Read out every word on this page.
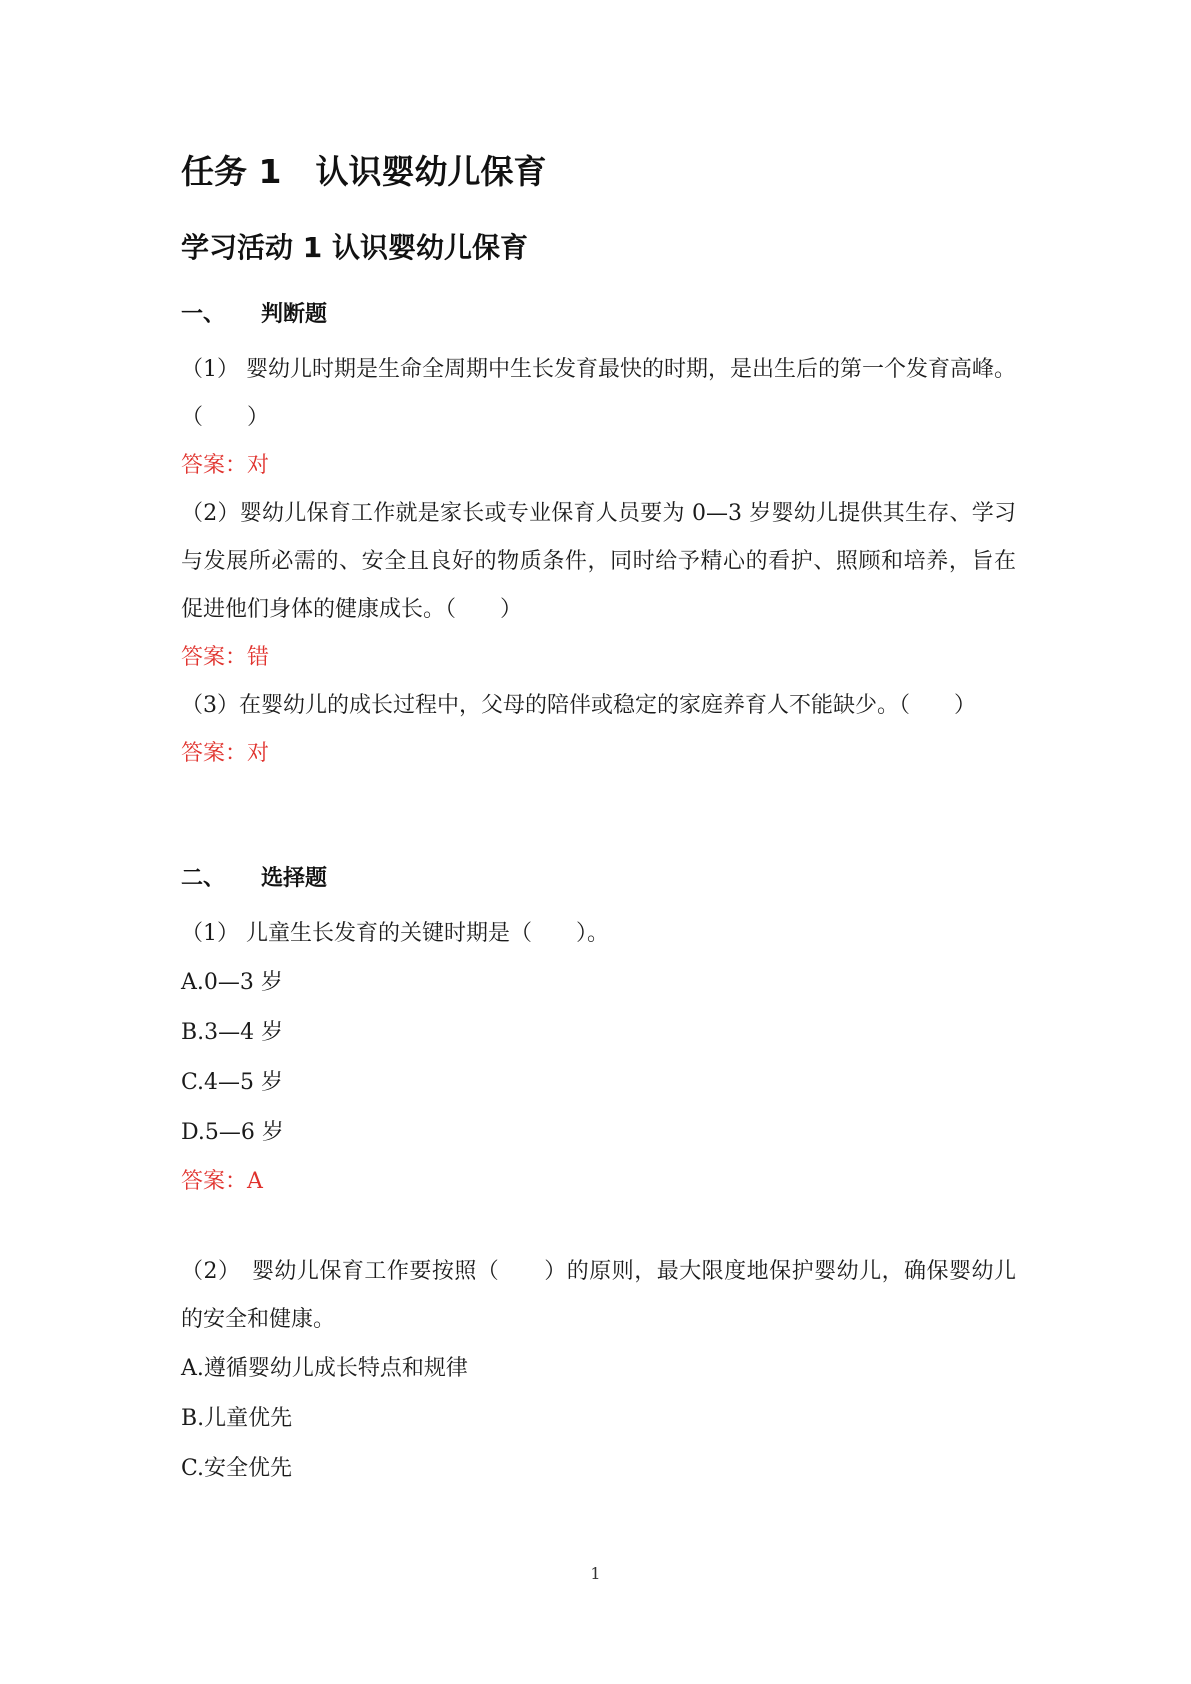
任务 1 认识婴幼儿保育
学习活动 1 认识婴幼儿保育
一、 判断题

（1） 婴幼儿时期是生命全周期中生长发育最快的时期，是出生后的第一个发育高峰。（　　）

答案：对

（2）婴幼儿保育工作就是家长或专业保育人员要为 0—3 岁婴幼儿提供其生存、学习与发展所必需的、安全且良好的物质条件，同时给予精心的看护、照顾和培养，旨在促进他们身体的健康成长。（　　）

答案：错

（3）在婴幼儿的成长过程中，父母的陪伴或稳定的家庭养育人不能缺少。（　　）

答案：对

二、 选择题

（1） 儿童生长发育的关键时期是（　　）。

A.0—3 岁

B.3—4 岁

C.4—5 岁

D.5—6 岁

答案：A

（2）　婴幼儿保育工作要按照（　　）的原则，最大限度地保护婴幼儿，确保婴幼儿的安全和健康。

A.遵循婴幼儿成长特点和规律

B.儿童优先

C.安全优先

1
